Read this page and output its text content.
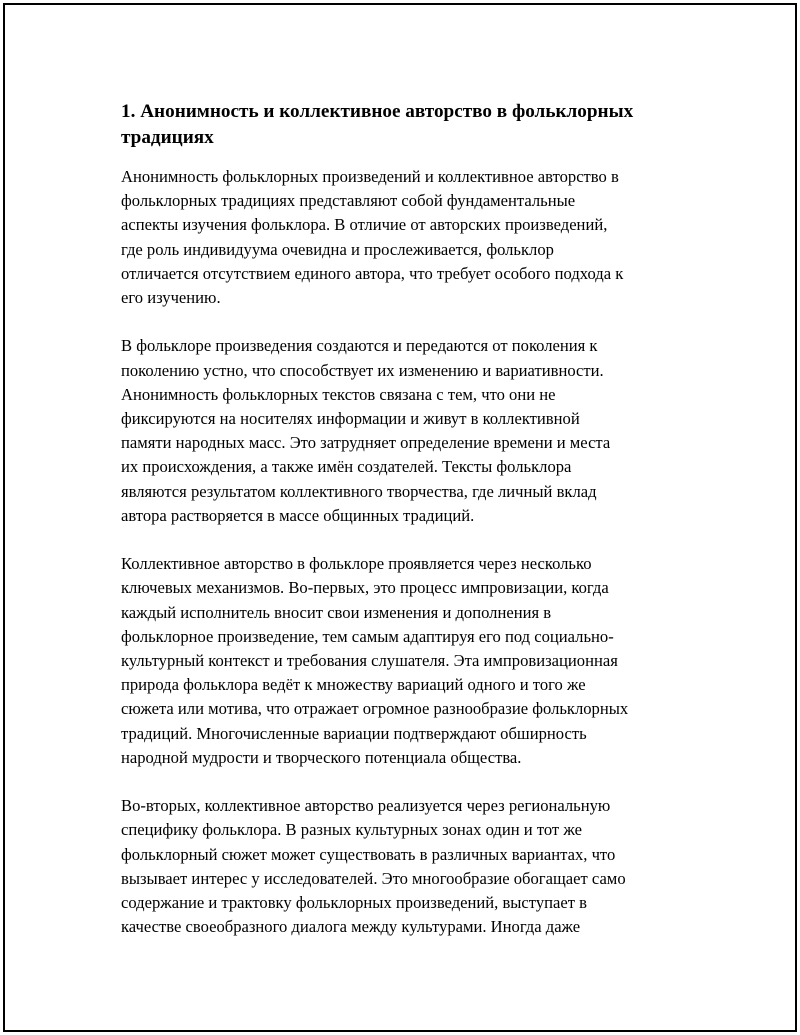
1. Анонимность и коллективное авторство в фольклорных
традициях

Анонимность фольклорных произведений и коллективное авторство в
фольклорных традициях представляют собой фундаментальные
аспекты изучения фольклора. В отличие от авторских произведений,
где роль индивидуума очевидна и прослеживается, фольклор
отличается отсутствием единого автора, что требует особого подхода к
его изучению.

В фольклоре произведения создаются и передаются от поколения к
поколению устно, что способствует их изменению и вариативности.
Анонимность фольклорных текстов связана с тем, что они не
фиксируются на носителях информации и живут в коллективной
памяти народных масс. Это затрудняет определение времени и места
их происхождения, а также имён создателей. Тексты фольклора
являются результатом коллективного творчества, где личный вклад
автора растворяется в массе общинных традиций.

Коллективное авторство в фольклоре проявляется через несколько
ключевых механизмов. Во-первых, это процесс импровизации, когда
каждый исполнитель вносит свои изменения и дополнения в
фольклорное произведение, тем самым адаптируя его под социально-
культурный контекст и требования слушателя. Эта импровизационная
природа фольклора ведёт к множеству вариаций одного и того же
сюжета или мотива, что отражает огромное разнообразие фольклорных
традиций. Многочисленные вариации подтверждают обширность
народной мудрости и творческого потенциала общества.

Во-вторых, коллективное авторство реализуется через региональную
специфику фольклора. В разных культурных зонах один и тот же
фольклорный сюжет может существовать в различных вариантах, что
вызывает интерес у исследователей. Это многообразие обогащает само
содержание и трактовку фольклорных произведений, выступает в
качестве своеобразного диалога между культурами. Иногда даже
